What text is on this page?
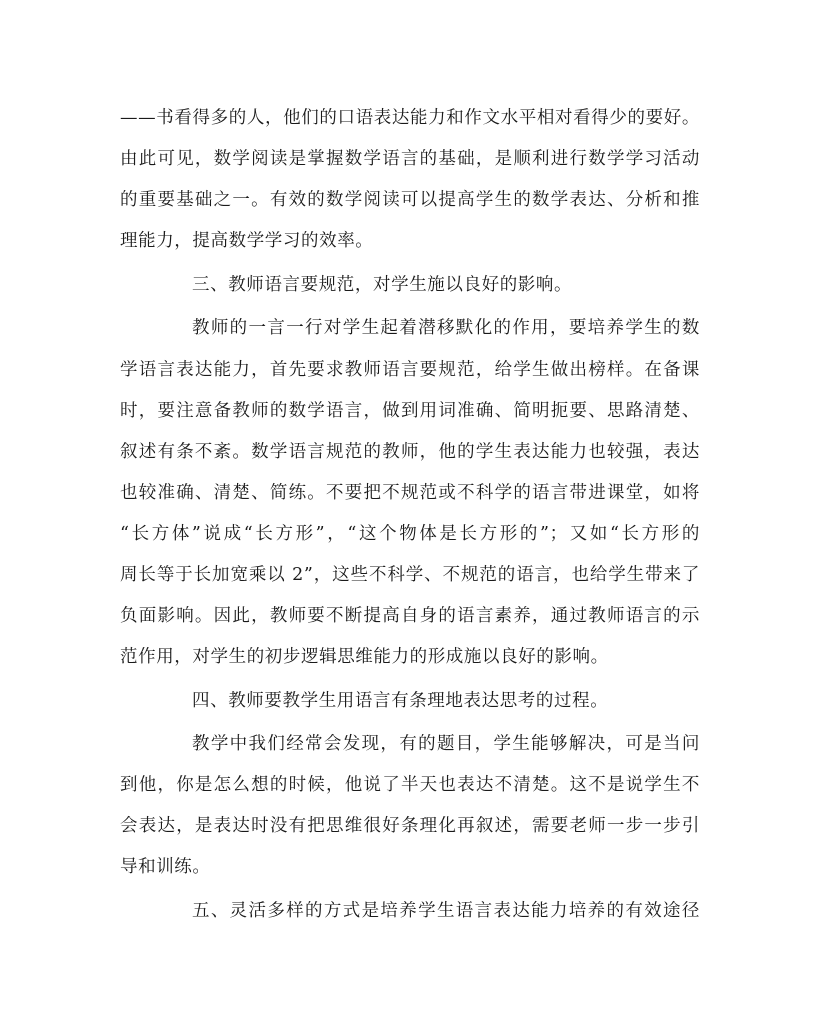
——书看得多的人，他们的口语表达能力和作文水平相对看得少的要好。
由此可见，数学阅读是掌握数学语言的基础，是顺利进行数学学习活动
的重要基础之一。有效的数学阅读可以提高学生的数学表达、分析和推
理能力，提高数学学习的效率。
三、教师语言要规范，对学生施以良好的影响。
教师的一言一行对学生起着潜移默化的作用，要培养学生的数
学语言表达能力，首先要求教师语言要规范，给学生做出榜样。在备课
时，要注意备教师的数学语言，做到用词准确、简明扼要、思路清楚、
叙述有条不紊。数学语言规范的教师，他的学生表达能力也较强，表达
也较准确、清楚、简练。不要把不规范或不科学的语言带进课堂，如将
“长方体”说成“长方形”，“这个物体是长方形的”；又如“长方形的
周长等于长加宽乘以 2”，这些不科学、不规范的语言，也给学生带来了
负面影响。因此，教师要不断提高自身的语言素养，通过教师语言的示
范作用，对学生的初步逻辑思维能力的形成施以良好的影响。
四、教师要教学生用语言有条理地表达思考的过程。
教学中我们经常会发现，有的题目，学生能够解决，可是当问
到他，你是怎么想的时候，他说了半天也表达不清楚。这不是说学生不
会表达，是表达时没有把思维很好条理化再叙述，需要老师一步一步引
导和训练。
五、灵活多样的方式是培养学生语言表达能力培养的有效途径
